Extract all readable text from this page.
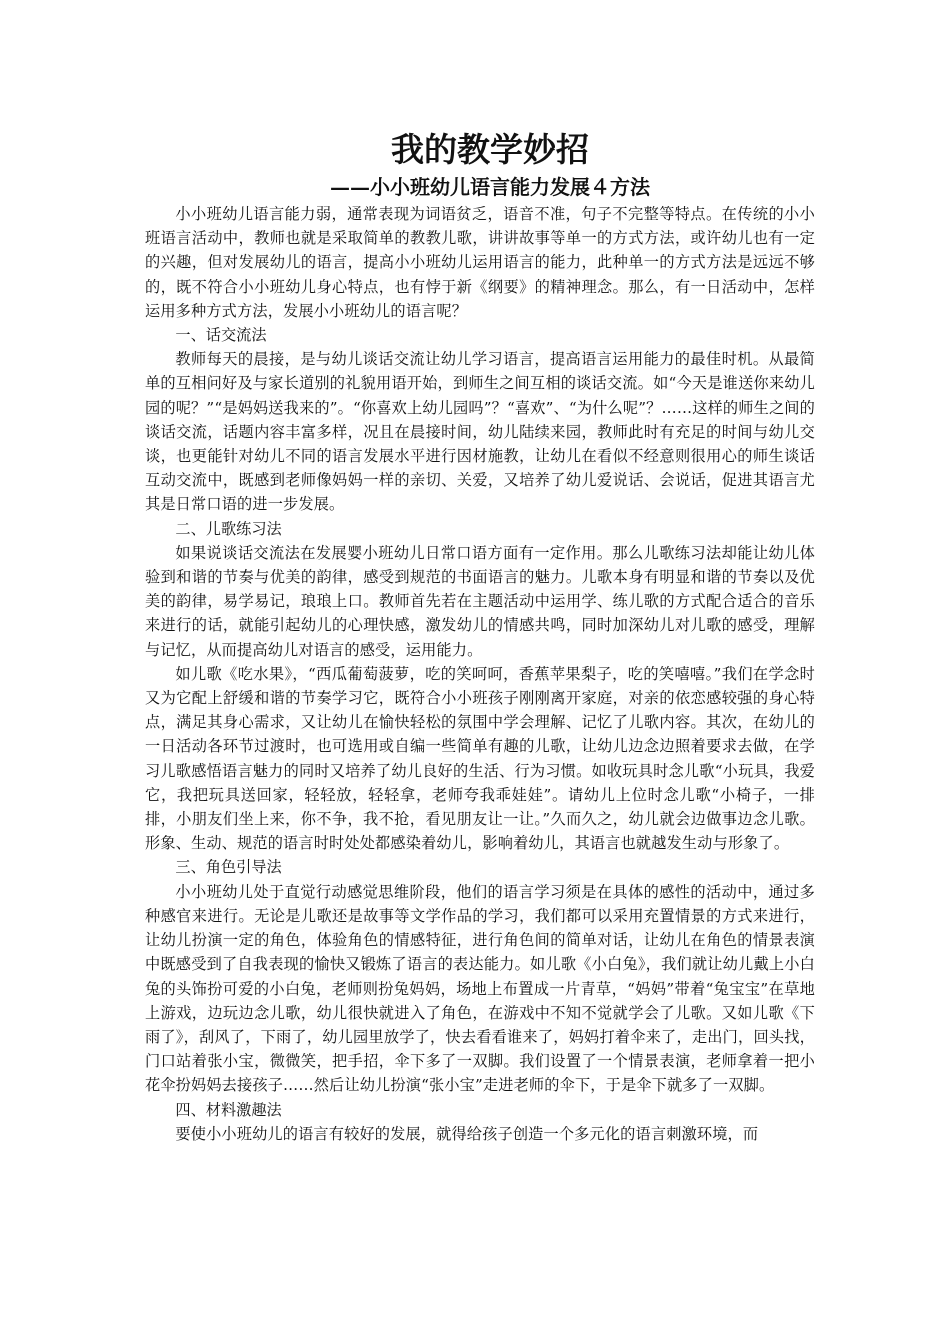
我的教学妙招
——小小班幼儿语言能力发展４方法

小小班幼儿语言能力弱，通常表现为词语贫乏，语音不准，句子不完整等特点。在传统的小小班语言活动中，教师也就是采取简单的教教儿歌，讲讲故事等单一的方式方法，或许幼儿也有一定的兴趣，但对发展幼儿的语言，提高小小班幼儿运用语言的能力，此种单一的方式方法是远远不够的，既不符合小小班幼儿身心特点，也有悖于新《纲要》的精神理念。那么，有一日活动中，怎样运用多种方式方法，发展小小班幼儿的语言呢？

一、话交流法

教师每天的晨接，是与幼儿谈话交流让幼儿学习语言，提高语言运用能力的最佳时机。从最简单的互相问好及与家长道别的礼貌用语开始，到师生之间互相的谈话交流。如“今天是谁送你来幼儿园的呢？”“是妈妈送我来的”。“你喜欢上幼儿园吗”？“喜欢”、“为什么呢”？……这样的师生之间的谈话交流，话题内容丰富多样，况且在晨接时间，幼儿陆续来园，教师此时有充足的时间与幼儿交谈，也更能针对幼儿不同的语言发展水平进行因材施教，让幼儿在看似不经意则很用心的师生谈话互动交流中，既感到老师像妈妈一样的亲切、关爱，又培养了幼儿爱说话、会说话，促进其语言尤其是日常口语的进一步发展。

二、儿歌练习法

如果说谈话交流法在发展婴小班幼儿日常口语方面有一定作用。那么儿歌练习法却能让幼儿体验到和谐的节奏与优美的韵律，感受到规范的书面语言的魅力。儿歌本身有明显和谐的节奏以及优美的韵律，易学易记，琅琅上口。教师首先若在主题活动中运用学、练儿歌的方式配合适合的音乐来进行的话，就能引起幼儿的心理快感，激发幼儿的情感共鸣，同时加深幼儿对儿歌的感受，理解与记忆，从而提高幼儿对语言的感受，运用能力。

如儿歌《吃水果》，“西瓜葡萄菠萝，吃的笑呵呵，香蕉苹果梨子，吃的笑嘻嘻。”我们在学念时又为它配上舒缓和谐的节奏学习它，既符合小小班孩子刚刚离开家庭，对亲的依恋感较强的身心特点，满足其身心需求，又让幼儿在愉快轻松的氛围中学会理解、记忆了儿歌内容。其次，在幼儿的一日活动各环节过渡时，也可选用或自编一些简单有趣的儿歌，让幼儿边念边照着要求去做，在学习儿歌感悟语言魅力的同时又培养了幼儿良好的生活、行为习惯。如收玩具时念儿歌“小玩具，我爱它，我把玩具送回家，轻轻放，轻轻拿，老师夸我乖娃娃”。请幼儿上位时念儿歌“小椅子，一排排，小朋友们坐上来，你不争，我不抢，看见朋友让一让。”久而久之，幼儿就会边做事边念儿歌。形象、生动、规范的语言时时处处都感染着幼儿，影响着幼儿，其语言也就越发生动与形象了。

三、角色引导法

小小班幼儿处于直觉行动感觉思维阶段，他们的语言学习须是在具体的感性的活动中，通过多种感官来进行。无论是儿歌还是故事等文学作品的学习，我们都可以采用充置情景的方式来进行，让幼儿扮演一定的角色，体验角色的情感特征，进行角色间的简单对话，让幼儿在角色的情景表演中既感受到了自我表现的愉快又锻炼了语言的表达能力。如儿歌《小白兔》，我们就让幼儿戴上小白兔的头饰扮可爱的小白兔，老师则扮兔妈妈，场地上布置成一片青草，“妈妈”带着“兔宝宝”在草地上游戏，边玩边念儿歌，幼儿很快就进入了角色，在游戏中不知不觉就学会了儿歌。又如儿歌《下雨了》，刮风了，下雨了，幼儿园里放学了，快去看看谁来了，妈妈打着伞来了，走出门，回头找，门口站着张小宝，微微笑，把手招，伞下多了一双脚。我们设置了一个情景表演，老师拿着一把小花伞扮妈妈去接孩子……然后让幼儿扮演“张小宝”走进老师的伞下，于是伞下就多了一双脚。

四、材料激趣法

要使小小班幼儿的语言有较好的发展，就得给孩子创造一个多元化的语言刺激环境，而
